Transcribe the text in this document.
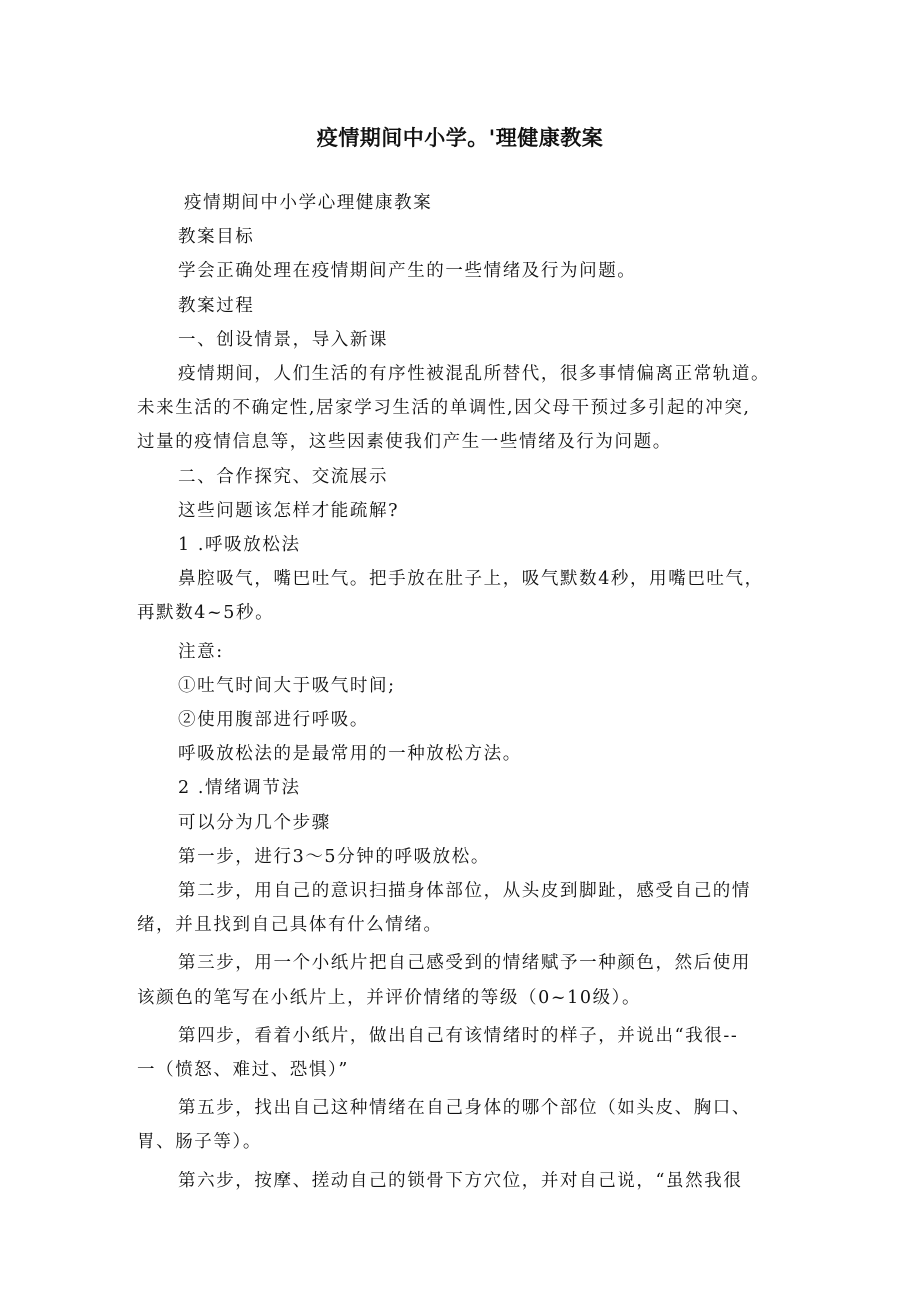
疫情期间中小学。'理健康教案

疫情期间中小学心理健康教案

教案目标

学会正确处理在疫情期间产生的一些情绪及行为问题。

教案过程

一、创设情景，导入新课

疫情期间，人们生活的有序性被混乱所替代，很多事情偏离正常轨道。

未来生活的不确定性,居家学习生活的单调性,因父母干预过多引起的冲突,

过量的疫情信息等，这些因素使我们产生一些情绪及行为问题。

二、合作探究、交流展示

这些问题该怎样才能疏解?

1 .呼吸放松法

鼻腔吸气，嘴巴吐气。把手放在肚子上，吸气默数4秒，用嘴巴吐气，

再默数4~5秒。

注意:

①吐气时间大于吸气时间;

②使用腹部进行呼吸。

呼吸放松法的是最常用的一种放松方法。

2 .情绪调节法

可以分为几个步骤

第一步，进行3～5分钟的呼吸放松。

第二步，用自己的意识扫描身体部位，从头皮到脚趾，感受自己的情

绪，并且找到自己具体有什么情绪。

第三步，用一个小纸片把自己感受到的情绪赋予一种颜色，然后使用

该颜色的笔写在小纸片上，并评价情绪的等级（0~10级）。

第四步，看着小纸片，做出自己有该情绪时的样子，并说出“我很--

一（愤怒、难过、恐惧）”

第五步，找出自己这种情绪在自己身体的哪个部位（如头皮、胸口、

胃、肠子等）。

第六步，按摩、搓动自己的锁骨下方穴位，并对自己说，“虽然我很
